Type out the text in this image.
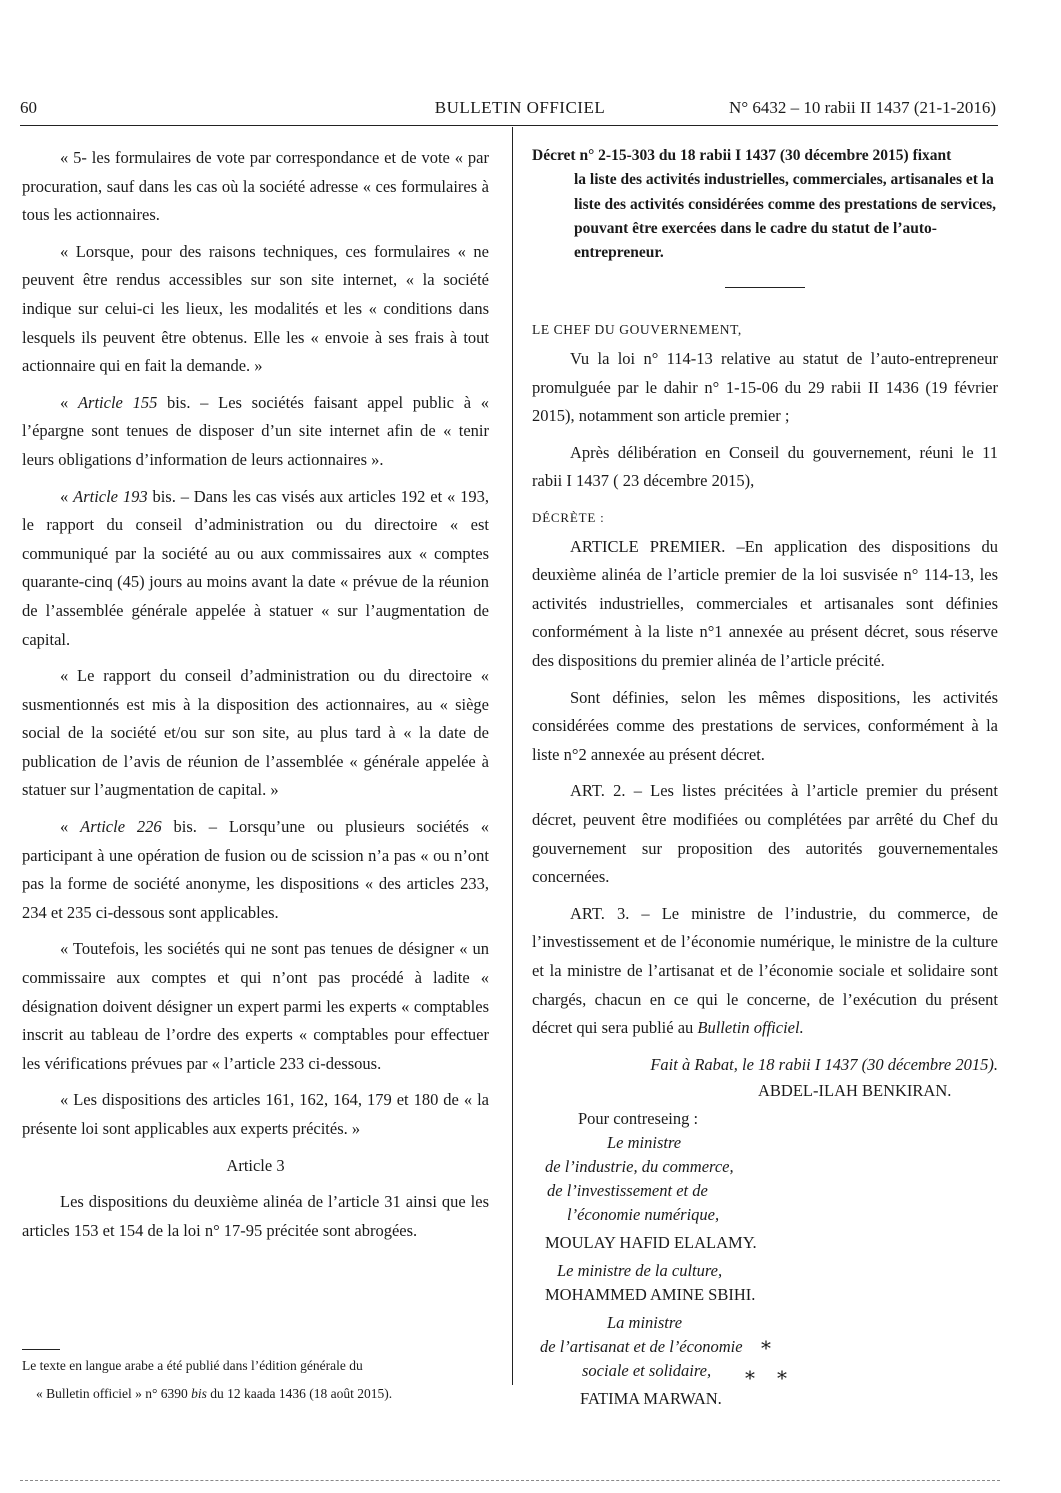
60	BULLETIN OFFICIEL	N° 6432 – 10 rabii II 1437 (21-1-2016)

« 5- les formulaires de vote par correspondance et de vote « par procuration, sauf dans les cas où la société adresse « ces formulaires à tous les actionnaires.

« Lorsque, pour des raisons techniques, ces formulaires « ne peuvent être rendus accessibles sur son site internet, « la société indique sur celui-ci les lieux, les modalités et les « conditions dans lesquels ils peuvent être obtenus. Elle les « envoie à ses frais à tout actionnaire qui en fait la demande. »

« Article 155 bis. – Les sociétés faisant appel public à « l’épargne sont tenues de disposer d’un site internet afin de « tenir leurs obligations d’information de leurs actionnaires ».

« Article 193 bis. – Dans les cas visés aux articles 192 et « 193, le rapport du conseil d’administration ou du directoire « est communiqué par la société au ou aux commissaires aux « comptes quarante-cinq (45) jours au moins avant la date « prévue de la réunion de l’assemblée générale appelée à statuer « sur l’augmentation de capital.

« Le rapport du conseil d’administration ou du directoire « susmentionnés est mis à la disposition des actionnaires, au « siège social de la société et/ou sur son site, au plus tard à « la date de publication de l’avis de réunion de l’assemblée « générale appelée à statuer sur l’augmentation de capital. »

« Article 226 bis. – Lorsqu’une ou plusieurs sociétés « participant à une opération de fusion ou de scission n’a pas « ou n’ont pas la forme de société anonyme, les dispositions « des articles 233, 234 et 235 ci-dessous sont applicables.

« Toutefois, les sociétés qui ne sont pas tenues de désigner « un commissaire aux comptes et qui n’ont pas procédé à ladite « désignation doivent désigner un expert parmi les experts « comptables inscrit au tableau de l’ordre des experts « comptables pour effectuer les vérifications prévues par « l’article 233 ci-dessous.

« Les dispositions des articles 161, 162, 164, 179 et 180 de « la présente loi sont applicables aux experts précités. »

Article 3

Les dispositions du deuxième alinéa de l’article 31 ainsi que les articles 153 et 154 de la loi n° 17-95 précitée sont abrogées.

Le texte en langue arabe a été publié dans l’édition générale du

« Bulletin officiel » n° 6390 bis du 12 kaada 1436 (18 août 2015).

Décret n° 2-15-303 du 18 rabii I 1437 (30 décembre 2015) fixant
la liste des activités industrielles, commerciales, artisanales et la liste des activités considérées comme des prestations de services, pouvant être exercées dans le cadre du statut de l’auto-entrepreneur.

LE CHEF DU GOUVERNEMENT,

Vu la loi n° 114-13 relative au statut de l’auto-entrepreneur promulguée par le dahir n° 1-15-06 du 29 rabii II 1436 (19 février 2015), notamment son article premier ;

Après délibération en Conseil du gouvernement, réuni le 11 rabii I 1437 ( 23 décembre 2015),

DÉCRÈTE :

ARTICLE PREMIER. –En application des dispositions du deuxième alinéa de l’article premier de la loi susvisée n° 114-13, les activités industrielles, commerciales et artisanales sont définies conformément à la liste n°1 annexée au présent décret, sous réserve des dispositions du premier alinéa de l’article précité.

Sont définies, selon les mêmes dispositions, les activités considérées comme des prestations de services, conformément à la liste n°2 annexée au présent décret.

ART. 2. – Les listes précitées à l’article premier du présent décret, peuvent être modifiées ou complétées par arrêté du Chef du gouvernement sur proposition des autorités gouvernementales concernées.

ART. 3. – Le ministre de l’industrie, du commerce, de l’investissement et de l’économie numérique, le ministre de la culture et la ministre de l’artisanat et de l’économie sociale et solidaire sont chargés, chacun en ce qui le concerne, de l’exécution du présent décret qui sera publié au Bulletin officiel.

Fait à Rabat, le 18 rabii I 1437 (30 décembre 2015).

ABDEL-ILAH BENKIRAN.

Pour contreseing :

Le ministre

de l’industrie, du commerce,

de l’investissement et de

l’économie numérique,

MOULAY HAFID ELALAMY.

Le ministre de la culture,

MOHAMMED AMINE SBIHI.

La ministre

de l’artisanat et de l’économie

sociale et solidaire,

FATIMA MARWAN.

*
* *
